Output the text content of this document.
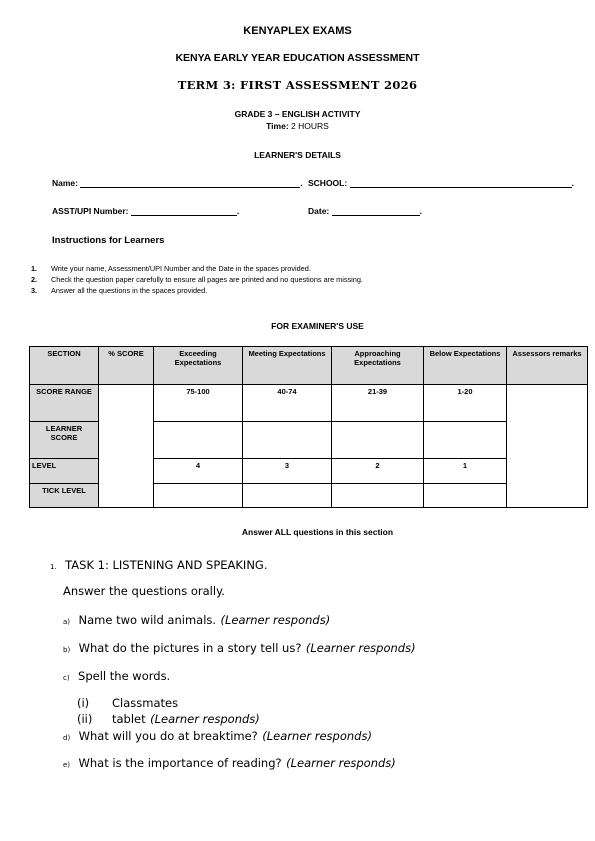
KENYAPLEX EXAMS
KENYA EARLY YEAR EDUCATION ASSESSMENT
TERM 3: FIRST ASSESSMENT 2026
GRADE 3 – ENGLISH ACTIVITY
Time: 2 HOURS
LEARNER'S DETAILS
Name:	. SCHOOL:	.
ASST/UPI Number:	.	Date:	.
Instructions for Learners
1. Write your name, Assessment/UPI Number and the Date in the spaces provided.
2. Check the question paper carefully to ensure all pages are printed and no questions are missing.
3. Answer all the questions in the spaces provided.
FOR EXAMINER'S USE
SECTION	% SCORE	Exceeding Expectations	Meeting Expectations	Approaching Expectations	Below Expectations	Assessors remarks
SCORE RANGE		75-100	40-74	21-39	1-20	
LEARNER SCORE						
LEVEL		4	3	2	1	
TICK LEVEL						
Answer ALL questions in this section
1. TASK 1: LISTENING AND SPEAKING.
Answer the questions orally.
a) Name two wild animals. (Learner responds)
b) What do the pictures in a story tell us? (Learner responds)
c) Spell the words.
(i) Classmates
(ii) tablet (Learner responds)
d) What will you do at breaktime? (Learner responds)
e) What is the importance of reading? (Learner responds)
